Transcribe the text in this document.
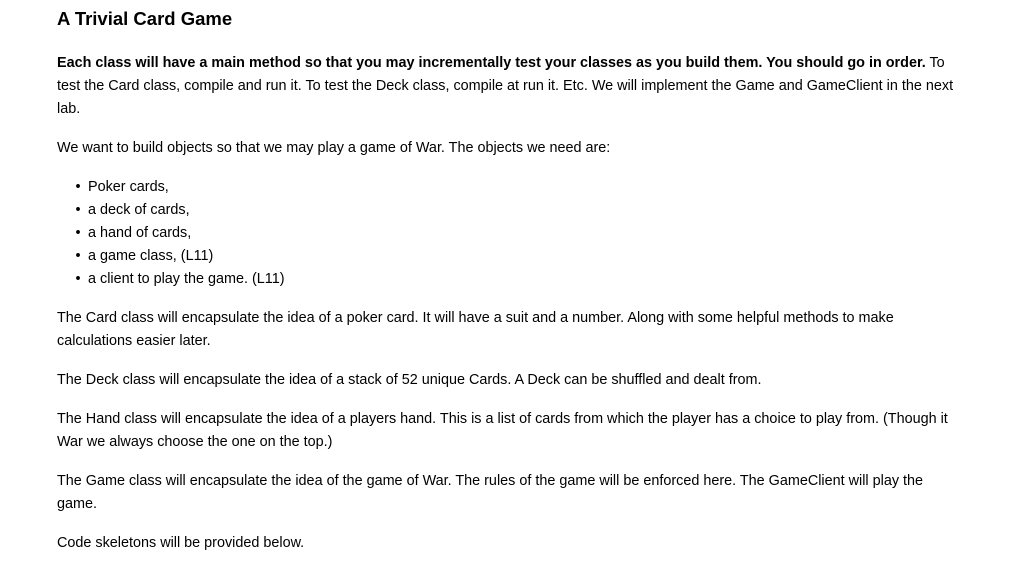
A Trivial Card Game

Each class will have a main method so that you may incrementally test your classes as you build them. You should go in order. To test the Card class, compile and run it. To test the Deck class, compile at run it. Etc. We will implement the Game and GameClient in the next lab.

We want to build objects so that we may play a game of War. The objects we need are:

• Poker cards,
• a deck of cards,
• a hand of cards,
• a game class, (L11)
• a client to play the game. (L11)

The Card class will encapsulate the idea of a poker card. It will have a suit and a number. Along with some helpful methods to make calculations easier later.

The Deck class will encapsulate the idea of a stack of 52 unique Cards. A Deck can be shuffled and dealt from.

The Hand class will encapsulate the idea of a players hand. This is a list of cards from which the player has a choice to play from. (Though it War we always choose the one on the top.)

The Game class will encapsulate the idea of the game of War. The rules of the game will be enforced here. The GameClient will play the game.

Code skeletons will be provided below.
